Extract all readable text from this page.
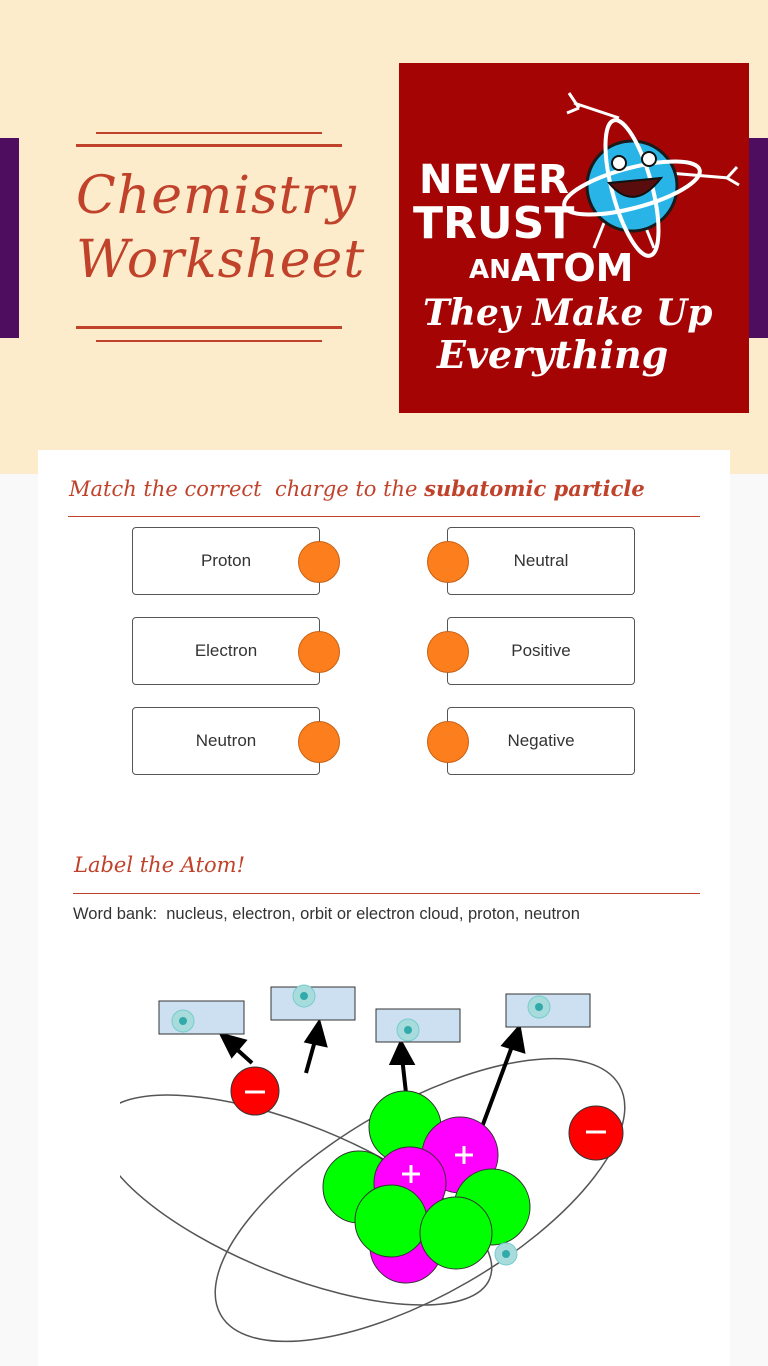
Chemistry
Worksheet
NEVER
TRUST
AN ATOM
They Make Up
Everything
Match the correct  charge to the subatomic particle
Proton
Electron
Neutron
Neutral
Positive
Negative
Label the Atom!
Word bank:  nucleus, electron, orbit or electron cloud, proton, neutron
